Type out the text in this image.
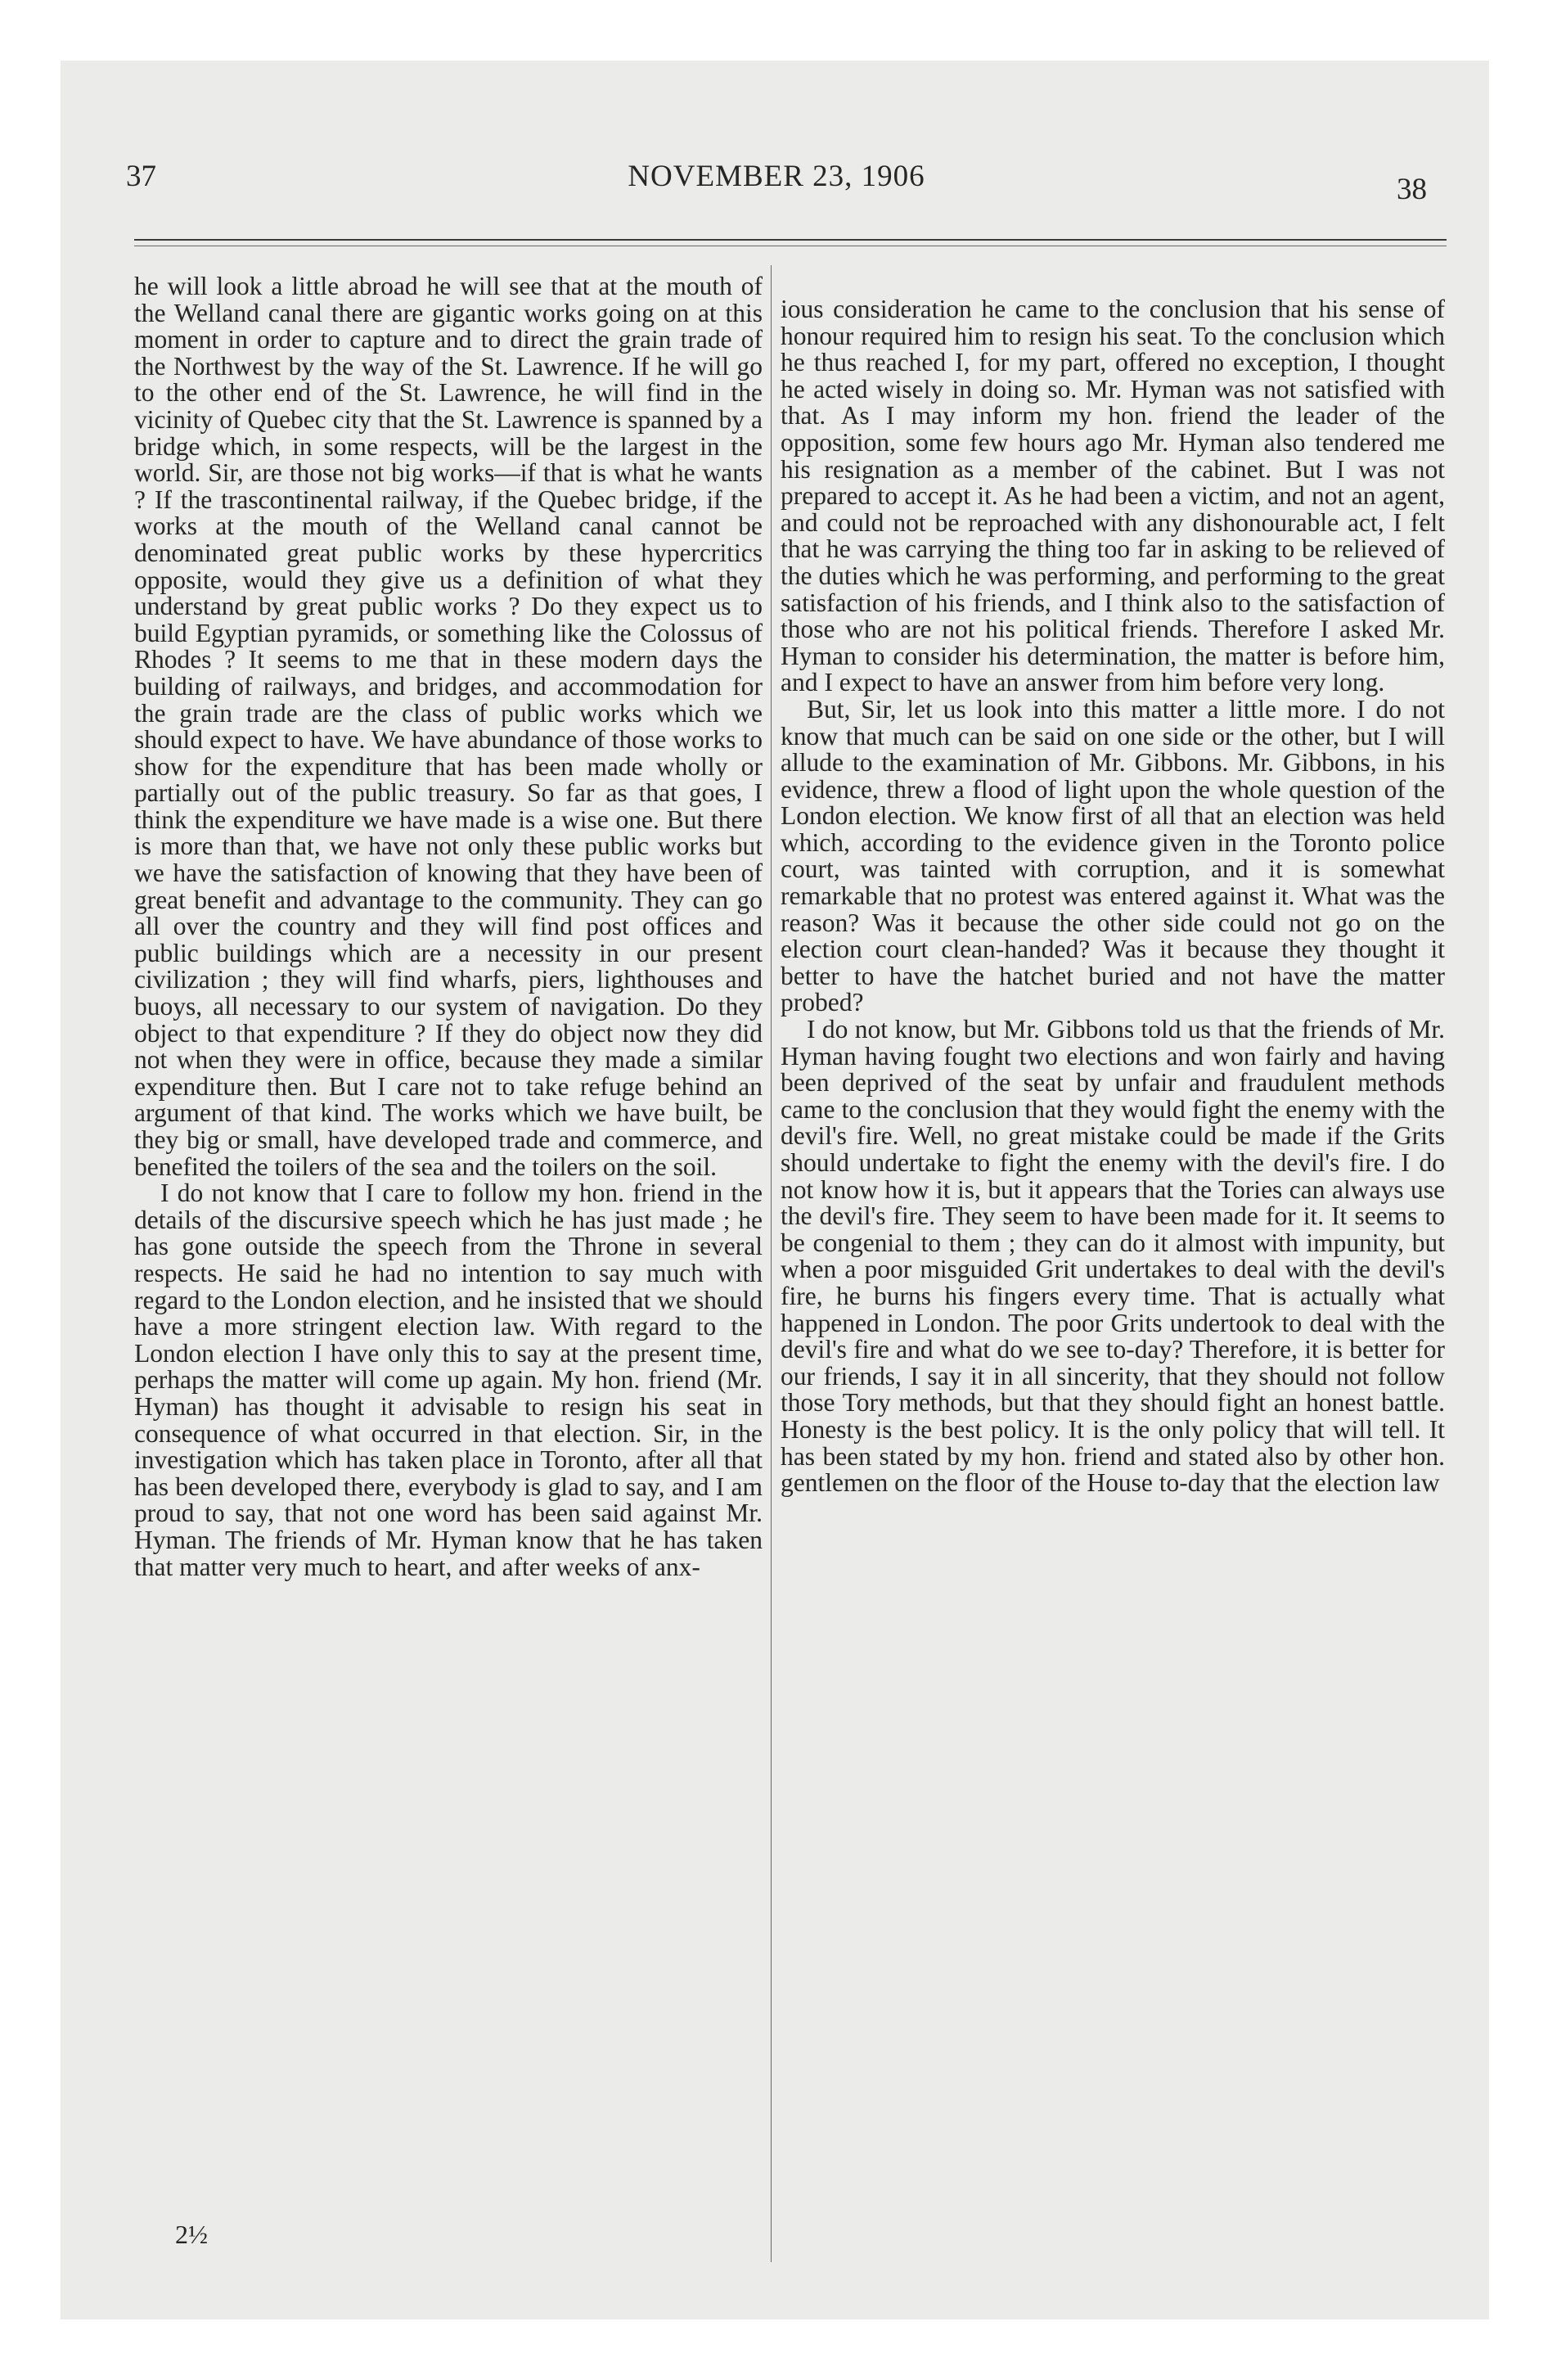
37	NOVEMBER 23, 1906	38

he will look a little abroad he will see that at the mouth of the Welland canal there are gigantic works going on at this moment in order to capture and to direct the grain trade of the Northwest by the way of the St. Lawrence. If he will go to the other end of the St. Lawrence, he will find in the vicinity of Quebec city that the St. Lawrence is spanned by a bridge which, in some respects, will be the largest in the world. Sir, are those not big works—if that is what he wants ? If the trascontinental railway, if the Quebec bridge, if the works at the mouth of the Welland canal cannot be denominated great public works by these hypercritics opposite, would they give us a definition of what they understand by great public works ? Do they expect us to build Egyptian pyramids, or something like the Colossus of Rhodes ? It seems to me that in these modern days the building of railways, and bridges, and accommodation for the grain trade are the class of public works which we should expect to have. We have abundance of those works to show for the expenditure that has been made wholly or partially out of the public treasury. So far as that goes, I think the expenditure we have made is a wise one. But there is more than that, we have not only these public works but we have the satisfaction of knowing that they have been of great benefit and advantage to the community. They can go all over the country and they will find post offices and public buildings which are a necessity in our present civilization ; they will find wharfs, piers, lighthouses and buoys, all necessary to our system of navigation. Do they object to that expenditure ? If they do object now they did not when they were in office, because they made a similar expenditure then. But I care not to take refuge behind an argument of that kind. The works which we have built, be they big or small, have developed trade and commerce, and benefited the toilers of the sea and the toilers on the soil.

I do not know that I care to follow my hon. friend in the details of the discursive speech which he has just made ; he has gone outside the speech from the Throne in several respects. He said he had no intention to say much with regard to the London election, and he insisted that we should have a more stringent election law. With regard to the London election I have only this to say at the present time, perhaps the matter will come up again. My hon. friend (Mr. Hyman) has thought it advisable to resign his seat in consequence of what occurred in that election. Sir, in the investigation which has taken place in Toronto, after all that has been developed there, everybody is glad to say, and I am proud to say, that not one word has been said against Mr. Hyman. The friends of Mr. Hyman know that he has taken that matter very much to heart, and after weeks of anx-

ious consideration he came to the conclusion that his sense of honour required him to resign his seat. To the conclusion which he thus reached I, for my part, offered no exception, I thought he acted wisely in doing so. Mr. Hyman was not satisfied with that. As I may inform my hon. friend the leader of the opposition, some few hours ago Mr. Hyman also tendered me his resignation as a member of the cabinet. But I was not prepared to accept it. As he had been a victim, and not an agent, and could not be reproached with any dishonourable act, I felt that he was carrying the thing too far in asking to be relieved of the duties which he was performing, and performing to the great satisfaction of his friends, and I think also to the satisfaction of those who are not his political friends. Therefore I asked Mr. Hyman to consider his determination, the matter is before him, and I expect to have an answer from him before very long.

But, Sir, let us look into this matter a little more. I do not know that much can be said on one side or the other, but I will allude to the examination of Mr. Gibbons. Mr. Gibbons, in his evidence, threw a flood of light upon the whole question of the London election. We know first of all that an election was held which, according to the evidence given in the Toronto police court, was tainted with corruption, and it is somewhat remarkable that no protest was entered against it. What was the reason? Was it because the other side could not go on the election court clean-handed? Was it because they thought it better to have the hatchet buried and not have the matter probed?

I do not know, but Mr. Gibbons told us that the friends of Mr. Hyman having fought two elections and won fairly and having been deprived of the seat by unfair and fraudulent methods came to the conclusion that they would fight the enemy with the devil's fire. Well, no great mistake could be made if the Grits should undertake to fight the enemy with the devil's fire. I do not know how it is, but it appears that the Tories can always use the devil's fire. They seem to have been made for it. It seems to be congenial to them ; they can do it almost with impunity, but when a poor misguided Grit undertakes to deal with the devil's fire, he burns his fingers every time. That is actually what happened in London. The poor Grits undertook to deal with the devil's fire and what do we see to-day? Therefore, it is better for our friends, I say it in all sincerity, that they should not follow those Tory methods, but that they should fight an honest battle. Honesty is the best policy. It is the only policy that will tell. It has been stated by my hon. friend and stated also by other hon. gentlemen on the floor of the House to-day that the election law

2½
